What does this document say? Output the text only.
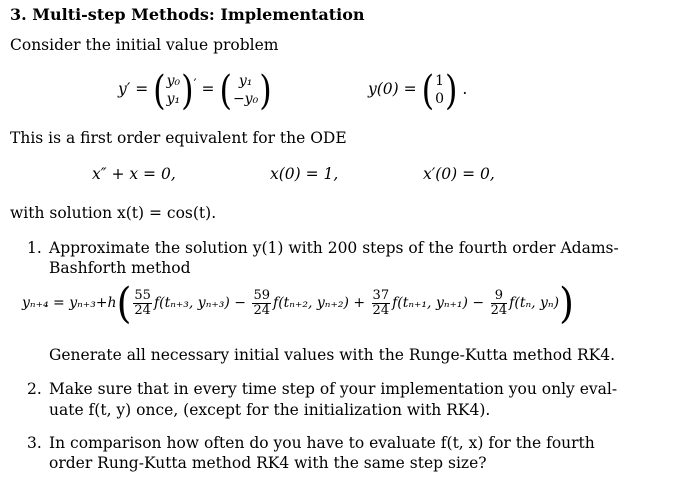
3. Multi-step Methods: Implementation
Consider the initial value problem
y′ = (y₀
y₁)′ = ( y₁
−y₀)	y(0) = (1
0) .
This is a first order equivalent for the ODE
x″ + x = 0,	x(0) = 1,	x′(0) = 0,
with solution x(t) = cos(t).
1. Approximate the solution y(1) with 200 steps of the fourth order Adams-
Bashforth method
$y_{n+4} = y_{n+3}+h( \frac{55}{24} f(t_{n+3}$, $y_{n+3}) - \frac{59}{24} f(t_{n+2}$, $y_{n+2}) + \frac{37}{24} f(t_{n+1}$, $y_{n+1}) - \frac{9}{24} f(t_n$, yₙ))
Generate all necessary initial values with the Runge-Kutta method RK4.
2. Make sure that in every time step of your implementation you only eval-
uate f(t, y) once, (except for the initialization with RK4).
3. In comparison how often do you have to evaluate f(t, x) for the fourth
order Rung-Kutta method RK4 with the same step size?
